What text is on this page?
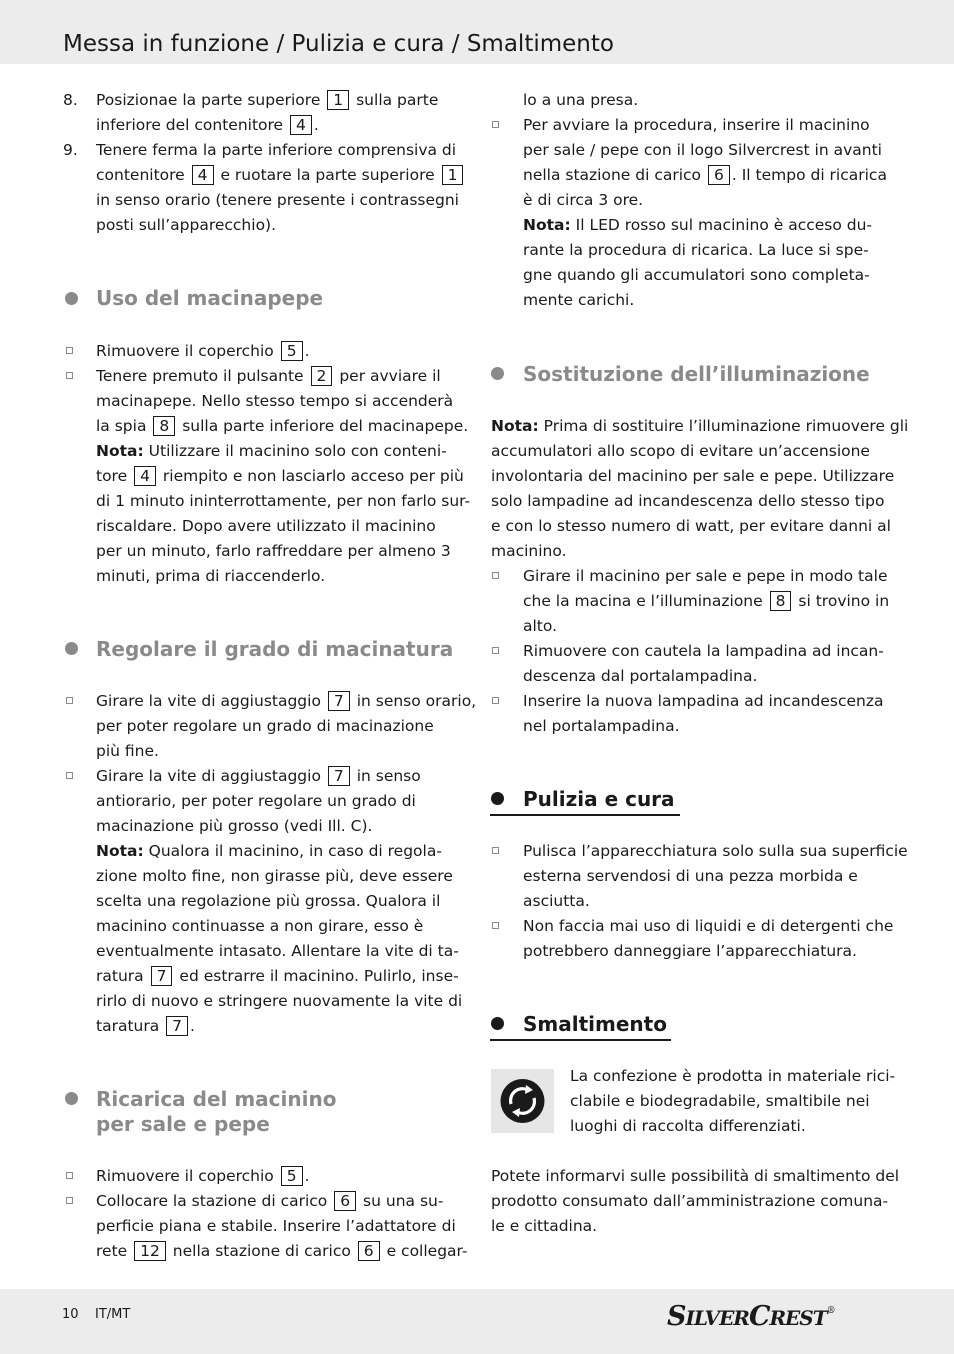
Messa in funzione / Pulizia e cura / Smaltimento
8. Posizionae la parte superiore 1 sulla parte
inferiore del contenitore 4 .
9. Tenere ferma la parte inferiore comprensiva di
contenitore 4 e ruotare la parte superiore 1
in senso orario (tenere presente i contrassegni
posti sull’apparecchio).
Uso del macinapepe
Rimuovere il coperchio 5 .
Tenere premuto il pulsante 2 per avviare il
macinapepe. Nello stesso tempo si accenderà
la spia 8 sulla parte inferiore del macinapepe.
Nota: Utilizzare il macinino solo con conteni-
tore 4 riempito e non lasciarlo acceso per più
di 1 minuto ininterrottamente, per non farlo sur-
riscaldare. Dopo avere utilizzato il macinino
per un minuto, farlo raffreddare per almeno 3
minuti, prima di riaccenderlo.
Regolare il grado di macinatura
Girare la vite di aggiustaggio 7 in senso orario,
per poter regolare un grado di macinazione
più fine.
Girare la vite di aggiustaggio 7 in senso
antiorario, per poter regolare un grado di
macinazione più grosso (vedi Ill. C).
Nota: Qualora il macinino, in caso di regola-
zione molto fine, non girasse più, deve essere
scelta una regolazione più grossa. Qualora il
macinino continuasse a non girare, esso è
eventualmente intasato. Allentare la vite di ta-
ratura 7 ed estrarre il macinino. Pulirlo, inse-
rirlo di nuovo e stringere nuovamente la vite di
taratura 7 .
Ricarica del macinino
per sale e pepe
Rimuovere il coperchio 5 .
Collocare la stazione di carico 6 su una su-
perficie piana e stabile. Inserire l’adattatore di
rete 12 nella stazione di carico 6 e collegar-
lo a una presa.
Per avviare la procedura, inserire il macinino
per sale / pepe con il logo Silvercrest in avanti
nella stazione di carico 6 . Il tempo di ricarica
è di circa 3 ore.
Nota: Il LED rosso sul macinino è acceso du-
rante la procedura di ricarica. La luce si spe-
gne quando gli accumulatori sono completa-
mente carichi.
Sostituzione dell’illuminazione
Nota: Prima di sostituire l’illuminazione rimuovere gli
accumulatori allo scopo di evitare un’accensione
involontaria del macinino per sale e pepe. Utilizzare
solo lampadine ad incandescenza dello stesso tipo
e con lo stesso numero di watt, per evitare danni al
macinino.
Girare il macinino per sale e pepe in modo tale
che la macina e l’illuminazione 8 si trovino in
alto.
Rimuovere con cautela la lampadina ad incan-
descenza dal portalampadina.
Inserire la nuova lampadina ad incandescenza
nel portalampadina.
Pulizia e cura
Pulisca l’apparecchiatura solo sulla sua superficie
esterna servendosi di una pezza morbida e
asciutta.
Non faccia mai uso di liquidi e di detergenti che
potrebbero danneggiare l’apparecchiatura.
Smaltimento
La confezione è prodotta in materiale rici-
clabile e biodegradabile, smaltibile nei
luoghi di raccolta differenziati.
Potete informarvi sulle possibilità di smaltimento del
prodotto consumato dall’amministrazione comuna-
le e cittadina.
10 IT/MT	SILVERCREST®
